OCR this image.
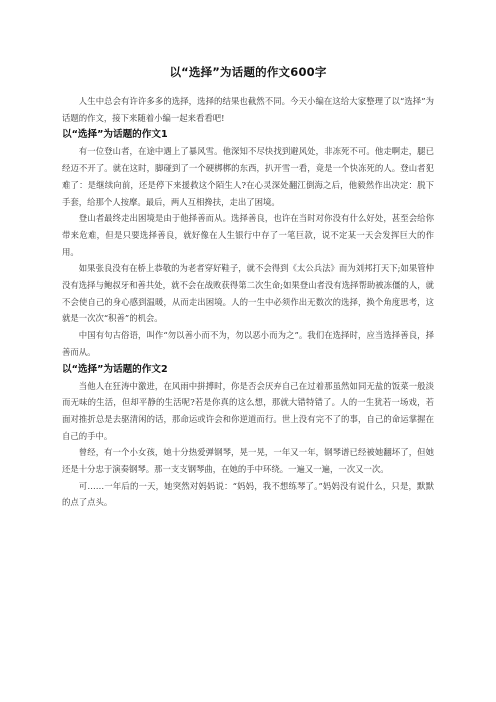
以“选择”为话题的作文600字

人生中总会有许许多多的选择，选择的结果也截然不同。今天小编在这给大家整理了以“选择”为话题的作文，接下来随着小编一起来看看吧!

以“选择”为话题的作文1

有一位登山者，在途中遇上了暴风雪。他深知不尽快找到避风处，非冻死不可。他走啊走，腿已经迈不开了。就在这时，脚碰到了一个硬梆梆的东西，扒开雪一看，竟是一个快冻死的人。登山者犯难了：是继续向前，还是停下来援救这个陌生人?在心灵深处翻江倒海之后，他毅然作出决定：脱下手套，给那个人按摩。最后，两人互相搀扶，走出了困境。

登山者最终走出困境是由于他择善而从。选择善良，也许在当时对你没有什么好处，甚至会给你带来危难，但是只要选择善良，就好像在人生银行中存了一笔巨款，说不定某一天会发挥巨大的作用。

如果张良没有在桥上恭敬的为老者穿好鞋子，就不会得到《太公兵法》而为刘邦打天下;如果管仲没有选择与鲍叔牙和善共处，就不会在战败获得第二次生命;如果登山者没有选择帮助被冻僵的人，就不会使自己的身心感到温暖，从而走出困境。人的一生中必须作出无数次的选择，换个角度思考，这就是一次次“积善”的机会。

中国有句古俗语，叫作“勿以善小而不为，勿以恶小而为之”。我们在选择时，应当选择善良，择善而从。

以“选择”为话题的作文2

当他人在狂涛中激进，在风雨中拼搏时，你是否会厌弃自己在过着那虽然如同无盐的饭菜一般淡而无味的生活，但却平静的生活呢?若是你真的这么想，那就大错特错了。人的一生犹若一场戏，若面对推折总是去驱清闲的话，那命运或许会和你逆道而行。世上没有完不了的事，自己的命运掌握在自己的手中。

曾经，有一个小女孩，她十分热爱弹钢琴，晃一晃，一年又一年，钢琴谱已经被她翻坏了，但她还是十分忠于演奏钢琴。那一支支钢琴曲，在她的手中环绕。一遍又一遍，一次又一次。

可……一年后的一天，她突然对妈妈说：“妈妈，我不想练琴了。”妈妈没有说什么，只是，默默的点了点头。
